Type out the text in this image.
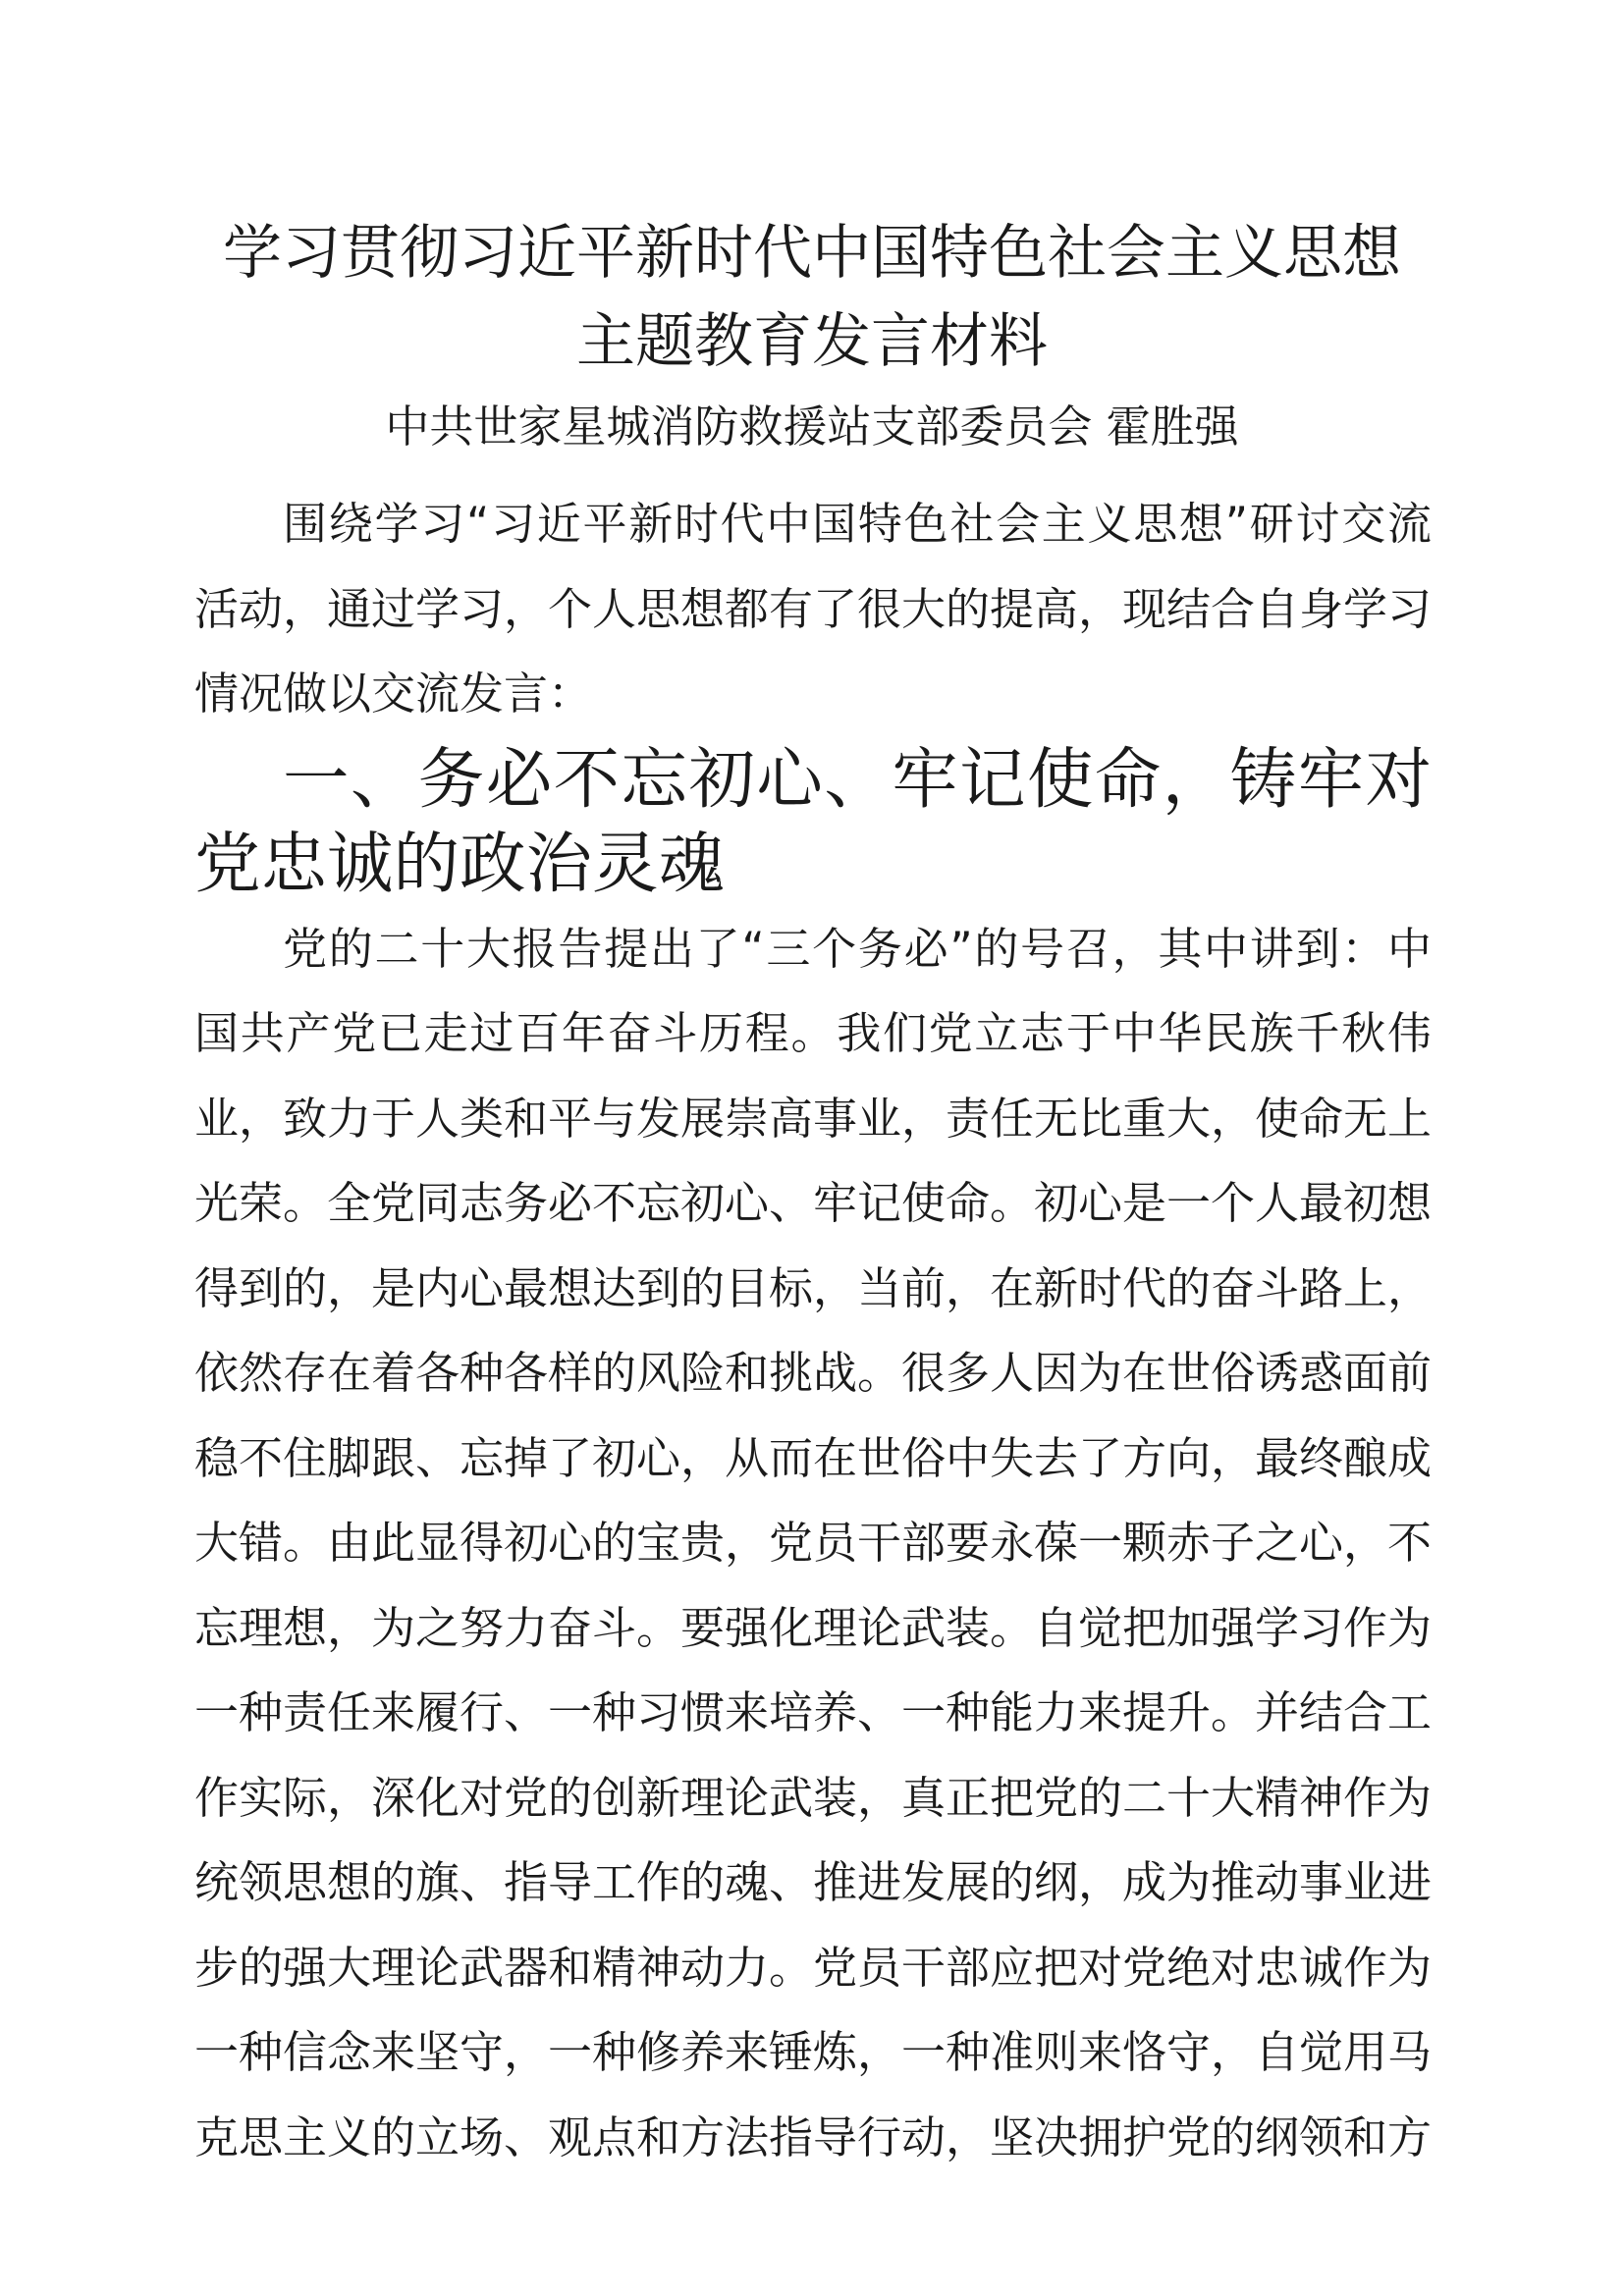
学习贯彻习近平新时代中国特色社会主义思想
主题教育发言材料
中共世家星城消防救援站支部委员会 霍胜强

围绕学习“习近平新时代中国特色社会主义思想”研讨交流活动，通过学习，个人思想都有了很大的提高，现结合自身学习情况做以交流发言：

一、务必不忘初心、牢记使命，铸牢对党忠诚的政治灵魂

党的二十大报告提出了“三个务必”的号召，其中讲到：中国共产党已走过百年奋斗历程。我们党立志于中华民族千秋伟业，致力于人类和平与发展崇高事业，责任无比重大，使命无上光荣。全党同志务必不忘初心、牢记使命。初心是一个人最初想得到的，是内心最想达到的目标，当前，在新时代的奋斗路上，依然存在着各种各样的风险和挑战。很多人因为在世俗诱惑面前稳不住脚跟、忘掉了初心，从而在世俗中失去了方向，最终酿成大错。由此显得初心的宝贵，党员干部要永葆一颗赤子之心，不忘理想，为之努力奋斗。要强化理论武装。自觉把加强学习作为一种责任来履行、一种习惯来培养、一种能力来提升。并结合工作实际，深化对党的创新理论武装，真正把党的二十大精神作为统领思想的旗、指导工作的魂、推进发展的纲，成为推动事业进步的强大理论武器和精神动力。党员干部应把对党绝对忠诚作为一种信念来坚守，一种修养来锤炼，一种准则来恪守，自觉用马克思主义的立场、观点和方法指导行动，坚决拥护党的纲领和方
